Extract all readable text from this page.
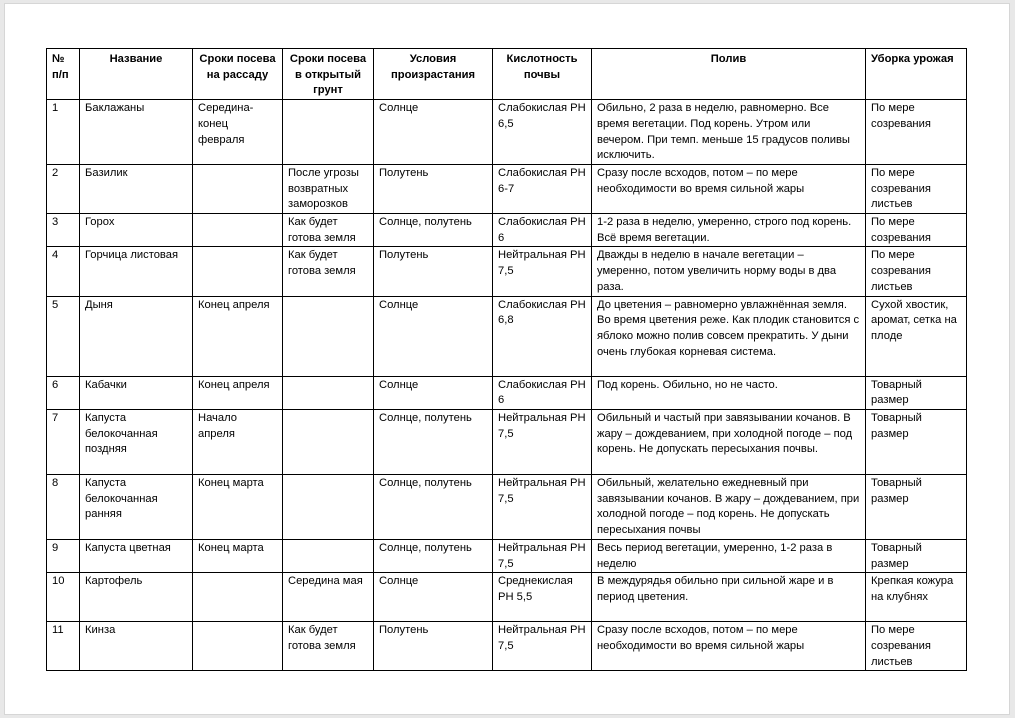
№ п/п	Название	Сроки посева на рассаду	Сроки посева в открытый грунт	Условия произрастания	Кислотность почвы	Полив	Уборка урожая
1	Баклажаны	Середина-конец февраля		Солнце	Слабокислая РН 6,5	Обильно, 2 раза в неделю, равномерно. Все время вегетации. Под корень. Утром или вечером. При темп. меньше 15 градусов поливы исключить.	По мере созревания
2	Базилик		После угрозы возвратных заморозков	Полутень	Слабокислая РН 6-7	Сразу после всходов, потом – по мере необходимости во время сильной жары	По мере созревания листьев
3	Горох		Как будет готова земля	Солнце, полутень	Слабокислая РН 6	1-2 раза в неделю, умеренно, строго под корень. Всё время вегетации.	По мере созревания
4	Горчица листовая		Как будет готова земля	Полутень	Нейтральная РН 7,5	Дважды в неделю в начале вегетации – умеренно, потом увеличить норму воды в два раза.	По мере созревания листьев
5	Дыня	Конец апреля		Солнце	Слабокислая РН 6,8	До цветения – равномерно увлажнённая земля. Во время цветения реже. Как плодик становится с яблоко можно полив совсем прекратить. У дыни очень глубокая корневая система.	Сухой хвостик, аромат, сетка на плоде
6	Кабачки	Конец апреля		Солнце	Слабокислая РН 6	Под корень. Обильно, но не часто.	Товарный размер
7	Капуста белокочанная поздняя	Начало апреля		Солнце, полутень	Нейтральная РН 7,5	Обильный и частый при завязывании кочанов. В жару – дождеванием, при холодной погоде – под корень. Не допускать пересыхания почвы.	Товарный размер
8	Капуста белокочанная ранняя	Конец марта		Солнце, полутень	Нейтральная РН 7,5	Обильный, желательно ежедневный при завязывании кочанов. В жару – дождеванием, при холодной погоде – под корень. Не допускать пересыхания почвы	Товарный размер
9	Капуста цветная	Конец марта		Солнце, полутень	Нейтральная РН 7,5	Весь период вегетации, умеренно, 1-2 раза в неделю	Товарный размер
10	Картофель		Середина мая	Солнце	Среднекислая РН 5,5	В междурядья обильно при сильной жаре и в период цветения.	Крепкая кожура на клубнях
11	Кинза		Как будет готова земля	Полутень	Нейтральная РН 7,5	Сразу после всходов, потом – по мере необходимости во время сильной жары	По мере созревания листьев
